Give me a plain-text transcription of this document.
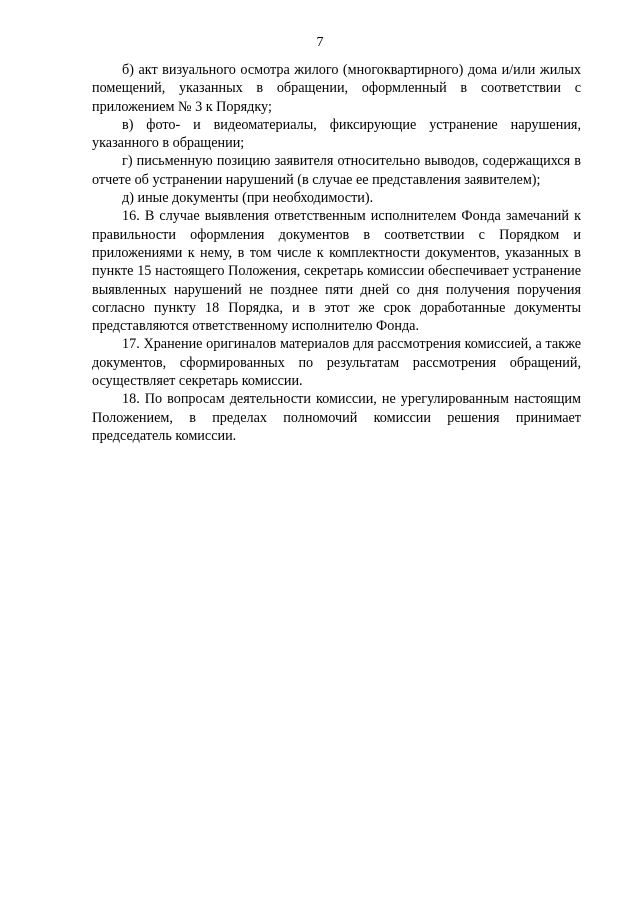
7

б) акт визуального осмотра жилого (многоквартирного) дома и/или жилых помещений, указанных в обращении, оформленный в соответствии с приложением № 3 к Порядку;

в) фото- и видеоматериалы, фиксирующие устранение нарушения, указанного в обращении;

г) письменную позицию заявителя относительно выводов, содержащихся в отчете об устранении нарушений (в случае ее представления заявителем);

д) иные документы (при необходимости).

16. В случае выявления ответственным исполнителем Фонда замечаний к правильности оформления документов в соответствии с Порядком и приложениями к нему, в том числе к комплектности документов, указанных в пункте 15 настоящего Положения, секретарь комиссии обеспечивает устранение выявленных нарушений не позднее пяти дней со дня получения поручения согласно пункту 18 Порядка, и в этот же срок доработанные документы представляются ответственному исполнителю Фонда.

17. Хранение оригиналов материалов для рассмотрения комиссией, а также документов, сформированных по результатам рассмотрения обращений, осуществляет секретарь комиссии.

18. По вопросам деятельности комиссии, не урегулированным настоящим Положением, в пределах полномочий комиссии решения принимает председатель комиссии.
